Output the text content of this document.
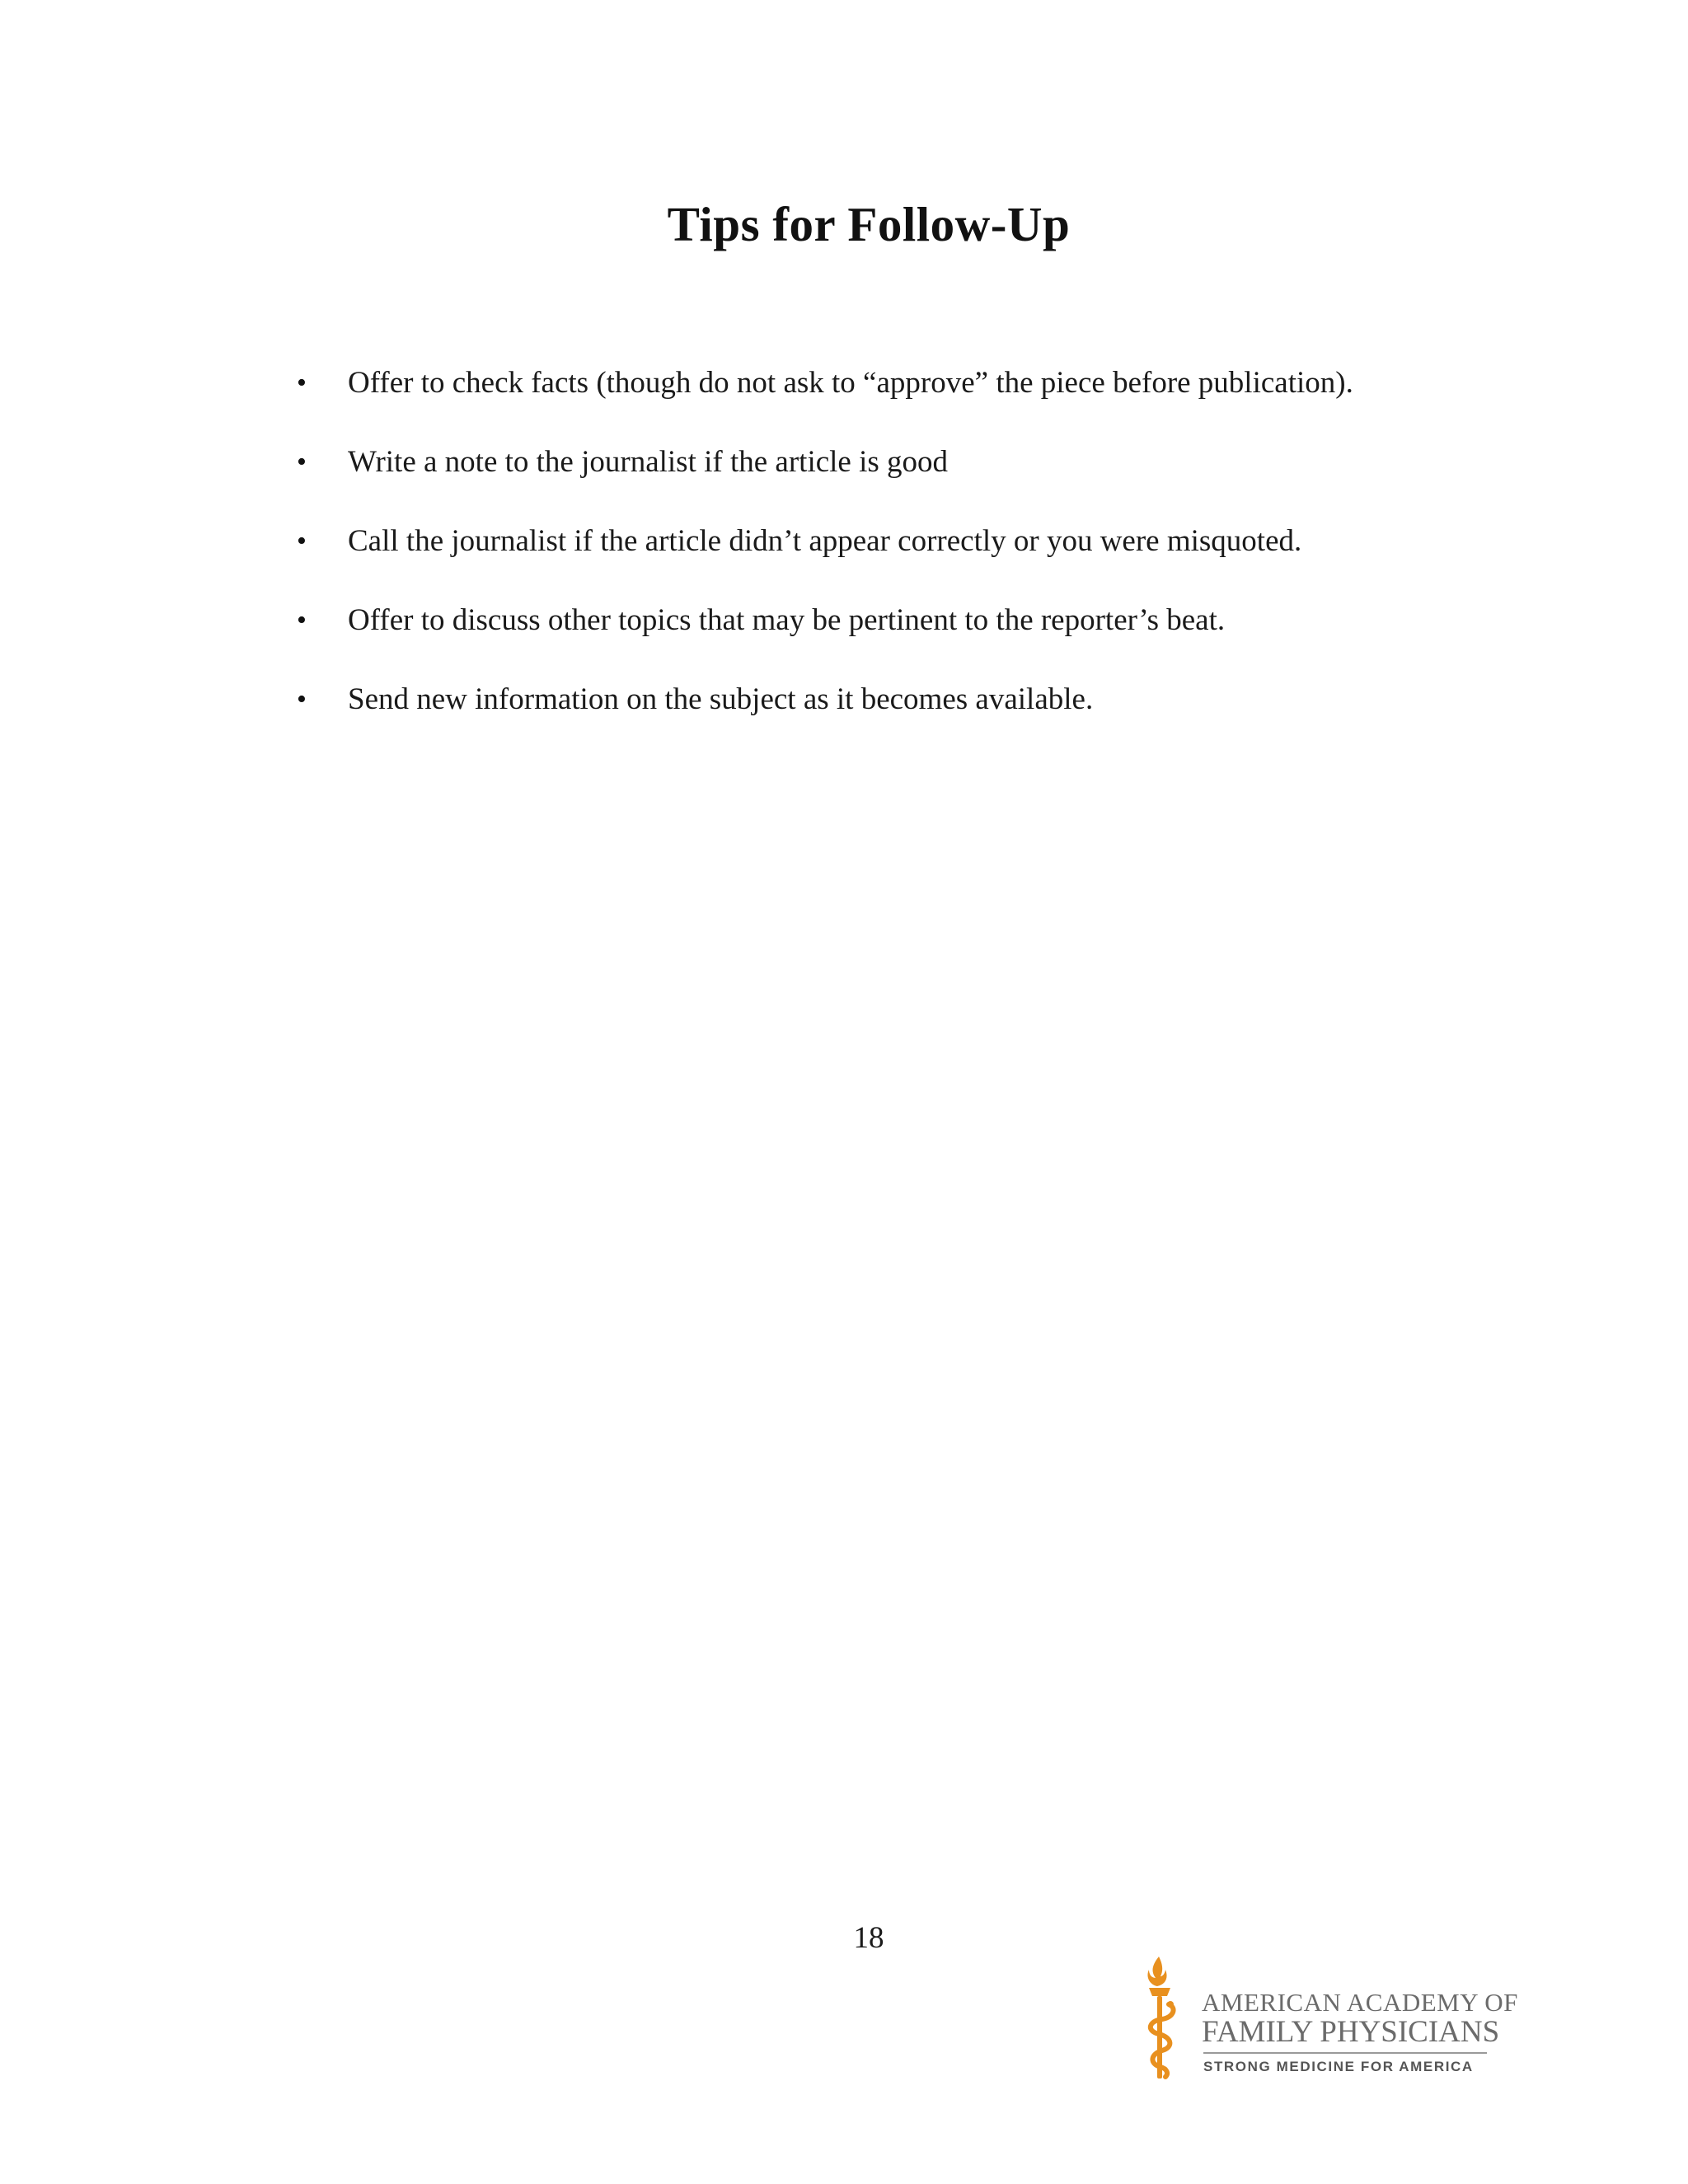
Tips for Follow-Up
•	Offer to check facts (though do not ask to “approve” the piece before publication).
•	Write a note to the journalist if the article is good
•	Call the journalist if the article didn’t appear correctly or you were misquoted.
•	Offer to discuss other topics that may be pertinent to the reporter’s beat.
•	Send new information on the subject as it becomes available.
18
AMERICAN ACADEMY OF
FAMILY PHYSICIANS
STRONG MEDICINE FOR AMERICA
